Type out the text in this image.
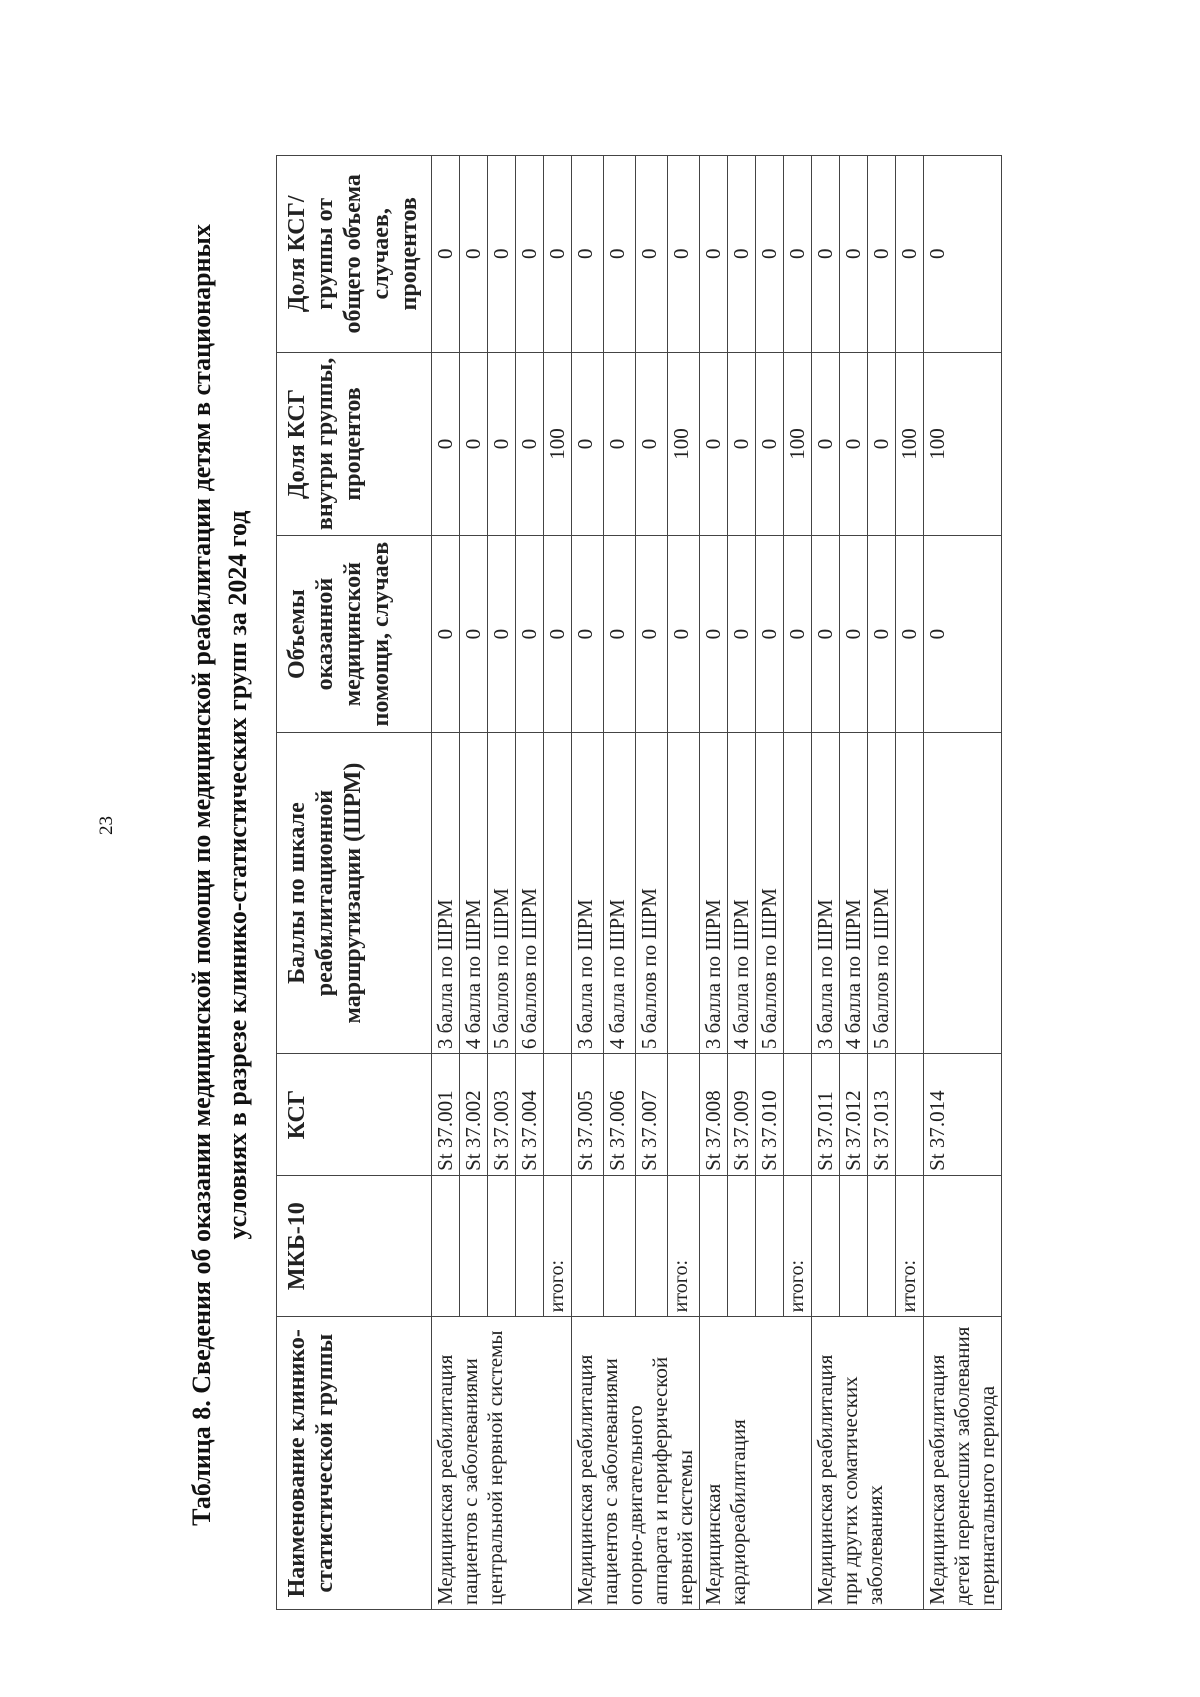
23	Таблица 8. Сведения об оказании медицинской помощи по медицинской реабилитации детям в стационарных условиях в разрезе клинико-статистических групп за 2024 год
Наименование клинико-статистической группы	МКБ-10	КСГ	Баллы по шкале реабилитационной маршрутизации (ШРМ)	Объемы оказанной медицинской помощи, случаев	Доля КСГ внутри группы, процентов	Доля КСГ/группы от общего объема случаев, процентов
Медицинская реабилитация пациентов с заболеваниями центральной нервной системы		St 37.001	3 балла по ШРМ	0	0	0
		St 37.002	4 балла по ШРМ	0	0	0
		St 37.003	5 баллов по ШРМ	0	0	0
		St 37.004	6 баллов по ШРМ	0	0	0
	итого:			0	100	0
Медицинская реабилитация пациентов с заболеваниями опорно-двигательного аппарата и периферической нервной системы		St 37.005	3 балла по ШРМ	0	0	0
		St 37.006	4 балла по ШРМ	0	0	0
		St 37.007	5 баллов по ШРМ	0	0	0
	итого:			0	100	0
Медицинская кардиореабилитация		St 37.008	3 балла по ШРМ	0	0	0
		St 37.009	4 балла по ШРМ	0	0	0
		St 37.010	5 баллов по ШРМ	0	0	0
	итого:			0	100	0
Медицинская реабилитация при других соматических заболеваниях		St 37.011	3 балла по ШРМ	0	0	0
		St 37.012	4 балла по ШРМ	0	0	0
		St 37.013	5 баллов по ШРМ	0	0	0
	итого:			0	100	0
Медицинская реабилитация детей перенесших заболевания перинатального периода		St 37.014		0	100	0
